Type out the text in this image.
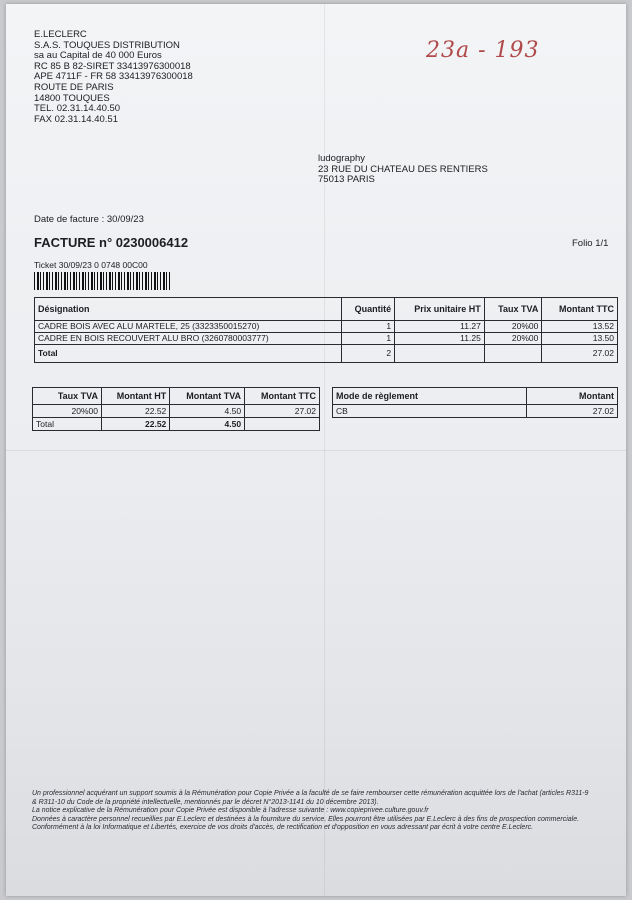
E.LECLERC
S.A.S. TOUQUES DISTRIBUTION
sa au Capital de 40 000 Euros
RC 85 B 82-SIRET 33413976300018
APE 4711F - FR 58 33413976300018
ROUTE DE PARIS
14800 TOUQUES
TEL. 02.31.14.40.50
FAX 02.31.14.40.51
23a - 193
ludography
23 RUE DU CHATEAU DES RENTIERS
75013 PARIS
Date de facture : 30/09/23
FACTURE n° 0230006412	Folio 1/1
Ticket 30/09/23 0 0748 00C00
Désignation	Quantité	Prix unitaire HT	Taux TVA	Montant TTC
CADRE BOIS AVEC ALU MARTELE, 25 (3323350015270)	1	11.27	20%00	13.52
CADRE EN BOIS RECOUVERT ALU BRO (3260780003777)	1	11.25	20%00	13.50
Total	2			27.02
Taux TVA	Montant HT	Montant TVA	Montant TTC
20%00	22.52	4.50	27.02
Total	22.52	4.50	
Mode de règlement	Montant
CB	27.02
Un professionnel acquérant un support soumis à la Rémunération pour Copie Privée a la faculté de se faire rembourser cette rémunération acquittée lors de l'achat (articles R311-9
& R311-10 du Code de la propriété intellectuelle, mentionnés par le décret N°2013-1141 du 10 décembre 2013).
La notice explicative de la Rémunération pour Copie Privée est disponible à l'adresse suivante : www.copieprivee.culture.gouv.fr
Données à caractère personnel recueillies par E.Leclerc et destinées à la fourniture du service. Elles pourront être utilisées par E.Leclerc à des fins de prospection commerciale.
Conformément à la loi Informatique et Libertés, exercice de vos droits d'accès, de rectification et d'opposition en vous adressant par écrit à votre centre E.Leclerc.
